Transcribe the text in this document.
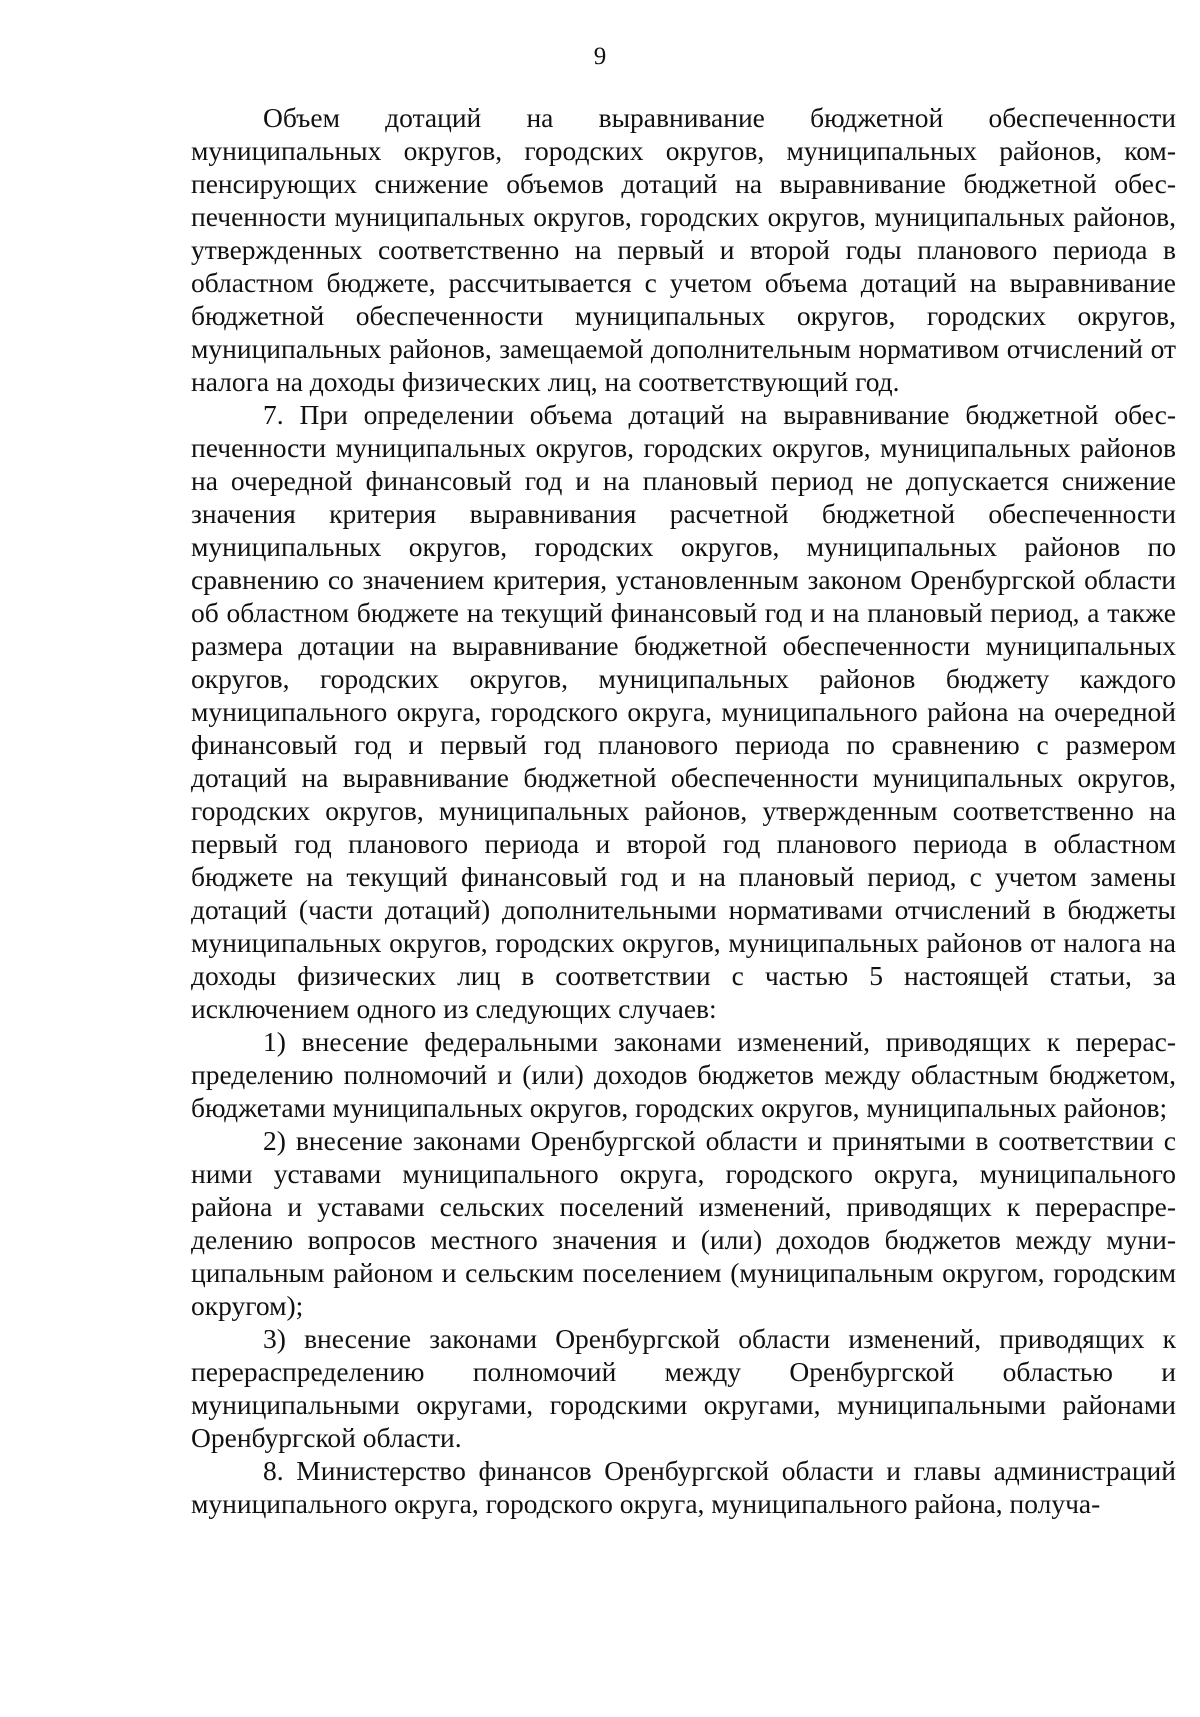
9

Объем дотаций на выравнивание бюджетной обеспеченности муниципальных округов, городских округов, муниципальных районов, компенсирующих снижение объемов дотаций на выравнивание бюджетной обеспеченности муниципальных округов, городских округов, муниципальных районов, утвержденных соответственно на первый и второй годы планового периода в областном бюджете, рассчитывается с учетом объема дотаций на выравнивание бюджетной обеспеченности муниципальных округов, городских округов, муниципальных районов, замещаемой дополнительным нормативом отчислений от налога на доходы физических лиц, на соответствующий год.

7. При определении объема дотаций на выравнивание бюджетной обеспеченности муниципальных округов, городских округов, муниципальных районов на очередной финансовый год и на плановый период не допускается снижение значения критерия выравнивания расчетной бюджетной обеспеченности муниципальных округов, городских округов, муниципальных районов по сравнению со значением критерия, установленным законом Оренбургской области об областном бюджете на текущий финансовый год и на плановый период, а также размера дотации на выравнивание бюджетной обеспеченности муниципальных округов, городских округов, муниципальных районов бюджету каждого муниципального округа, городского округа, муниципального района на очередной финансовый год и первый год планового периода по сравнению с размером дотаций на выравнивание бюджетной обеспеченности муниципальных округов, городских округов, муниципальных районов, утвержденным соответственно на первый год планового периода и второй год планового периода в областном бюджете на текущий финансовый год и на плановый период, с учетом замены дотаций (части дотаций) дополнительными нормативами отчислений в бюджеты муниципальных округов, городских округов, муниципальных районов от налога на доходы физических лиц в соответствии с частью 5 настоящей статьи, за исключением одного из следующих случаев:

1) внесение федеральными законами изменений, приводящих к перераспределению полномочий и (или) доходов бюджетов между областным бюджетом, бюджетами муниципальных округов, городских округов, муниципальных районов;

2) внесение законами Оренбургской области и принятыми в соответствии с ними уставами муниципального округа, городского округа, муниципального района и уставами сельских поселений изменений, приводящих к перераспределению вопросов местного значения и (или) доходов бюджетов между муниципальным районом и сельским поселением (муниципальным округом, городским округом);

3) внесение законами Оренбургской области изменений, приводящих к перераспределению полномочий между Оренбургской областью и муниципальными округами, городскими округами, муниципальными районами Оренбургской области.

8. Министерство финансов Оренбургской области и главы администраций муниципального округа, городского округа, муниципального района, получа-
